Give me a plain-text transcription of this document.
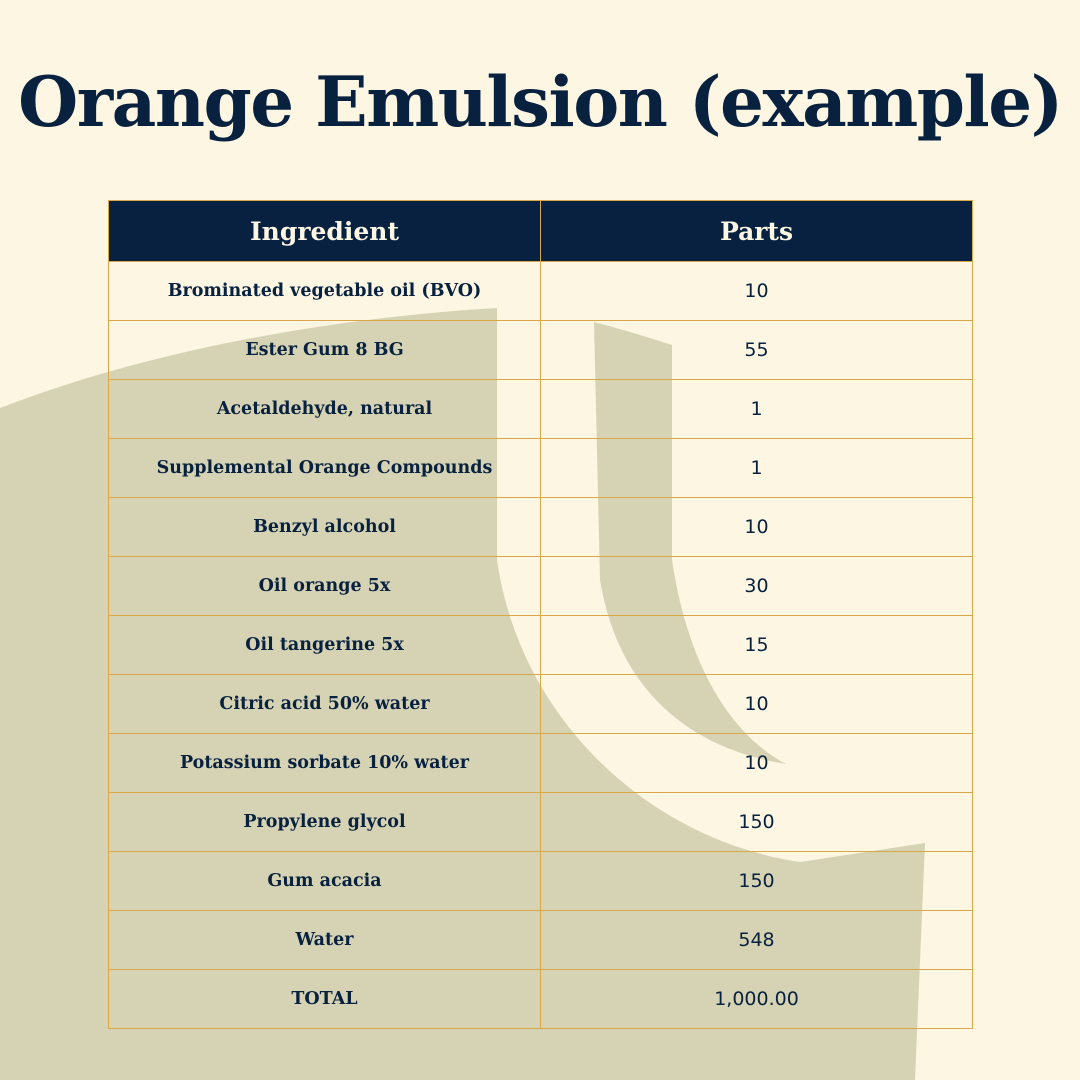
Orange Emulsion (example)
Ingredient	Parts
Brominated vegetable oil (BVO)	10
Ester Gum 8 BG	55
Acetaldehyde, natural	1
Supplemental Orange Compounds	1
Benzyl alcohol	10
Oil orange 5x	30
Oil tangerine 5x	15
Citric acid 50% water	10
Potassium sorbate 10% water	10
Propylene glycol	150
Gum acacia	150
Water	548
TOTAL	1,000.00
